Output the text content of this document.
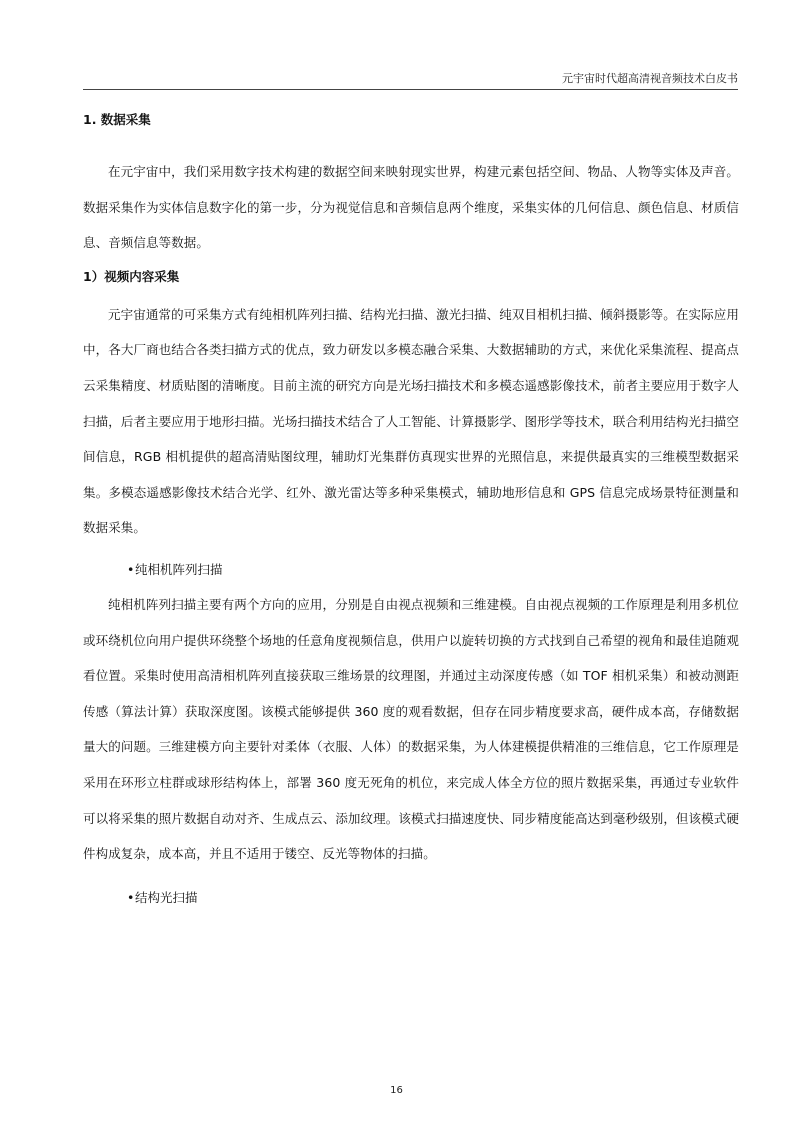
元宇宙时代超高清视音频技术白皮书

1. 数据采集

在元宇宙中，我们采用数字技术构建的数据空间来映射现实世界，构建元素包括空间、物品、人物等实体及声音。数据采集作为实体信息数字化的第一步，分为视觉信息和音频信息两个维度，采集实体的几何信息、颜色信息、材质信息、音频信息等数据。

1）视频内容采集

元宇宙通常的可采集方式有纯相机阵列扫描、结构光扫描、激光扫描、纯双目相机扫描、倾斜摄影等。在实际应用中，各大厂商也结合各类扫描方式的优点，致力研发以多模态融合采集、大数据辅助的方式，来优化采集流程、提高点云采集精度、材质贴图的清晰度。目前主流的研究方向是光场扫描技术和多模态遥感影像技术，前者主要应用于数字人扫描，后者主要应用于地形扫描。光场扫描技术结合了人工智能、计算摄影学、图形学等技术，联合利用结构光扫描空间信息，RGB 相机提供的超高清贴图纹理，辅助灯光集群仿真现实世界的光照信息，来提供最真实的三维模型数据采集。多模态遥感影像技术结合光学、红外、激光雷达等多种采集模式，辅助地形信息和 GPS 信息完成场景特征测量和数据采集。

• 纯相机阵列扫描

纯相机阵列扫描主要有两个方向的应用，分别是自由视点视频和三维建模。自由视点视频的工作原理是利用多机位或环绕机位向用户提供环绕整个场地的任意角度视频信息，供用户以旋转切换的方式找到自己希望的视角和最佳追随观看位置。采集时使用高清相机阵列直接获取三维场景的纹理图，并通过主动深度传感（如 TOF 相机采集）和被动测距传感（算法计算）获取深度图。该模式能够提供 360 度的观看数据，但存在同步精度要求高，硬件成本高，存储数据量大的问题。三维建模方向主要针对柔体（衣服、人体）的数据采集，为人体建模提供精准的三维信息，它工作原理是采用在环形立柱群或球形结构体上，部署 360 度无死角的机位，来完成人体全方位的照片数据采集，再通过专业软件可以将采集的照片数据自动对齐、生成点云、添加纹理。该模式扫描速度快、同步精度能高达到毫秒级别，但该模式硬件构成复杂，成本高，并且不适用于镂空、反光等物体的扫描。

• 结构光扫描

16
